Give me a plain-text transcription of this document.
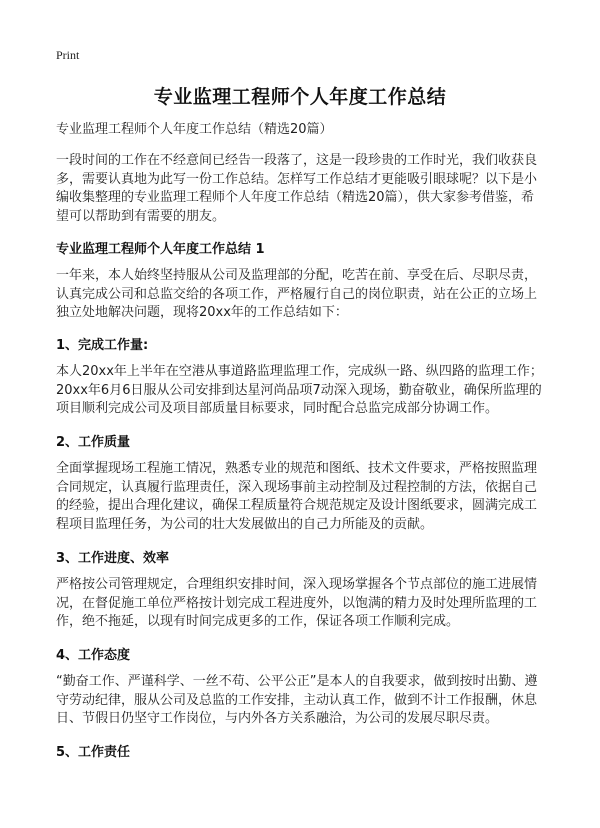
Print
专业监理工程师个人年度工作总结
专业监理工程师个人年度工作总结（精选20篇）
一段时间的工作在不经意间已经告一段落了，这是一段珍贵的工作时光，我们收获良多，需要认真地为此写一份工作总结。怎样写工作总结才更能吸引眼球呢？以下是小编收集整理的专业监理工程师个人年度工作总结（精选20篇），供大家参考借鉴，希望可以帮助到有需要的朋友。
专业监理工程师个人年度工作总结 1
一年来，本人始终坚持服从公司及监理部的分配，吃苦在前、享受在后、尽职尽责，认真完成公司和总监交给的各项工作，严格履行自己的岗位职责，站在公正的立场上独立处地解决问题，现将20xx年的工作总结如下：
1、完成工作量:
本人20xx年上半年在空港从事道路监理监理工作，完成纵一路、纵四路的监理工作；20xx年6月6日服从公司安排到达星河尚品项7动深入现场，勤奋敬业，确保所监理的项目顺利完成公司及项目部质量目标要求，同时配合总监完成部分协调工作。
2、工作质量
全面掌握现场工程施工情况，熟悉专业的规范和图纸、技术文件要求，严格按照监理合同规定，认真履行监理责任，深入现场事前主动控制及过程控制的方法，依据自己的经验，提出合理化建议，确保工程质量符合规范规定及设计图纸要求，圆满完成工程项目监理任务，为公司的壮大发展做出的自己力所能及的贡献。
3、工作进度、效率
严格按公司管理规定，合理组织安排时间，深入现场掌握各个节点部位的施工进展情况，在督促施工单位严格按计划完成工程进度外，以饱满的精力及时处理所监理的工作，绝不拖延，以现有时间完成更多的工作，保证各项工作顺利完成。
4、工作态度
“勤奋工作、严谨科学、一丝不苟、公平公正”是本人的自我要求，做到按时出勤、遵守劳动纪律，服从公司及总监的工作安排，主动认真工作，做到不计工作报酬，休息日、节假日仍坚守工作岗位，与内外各方关系融洽，为公司的发展尽职尽责。
5、工作责任
